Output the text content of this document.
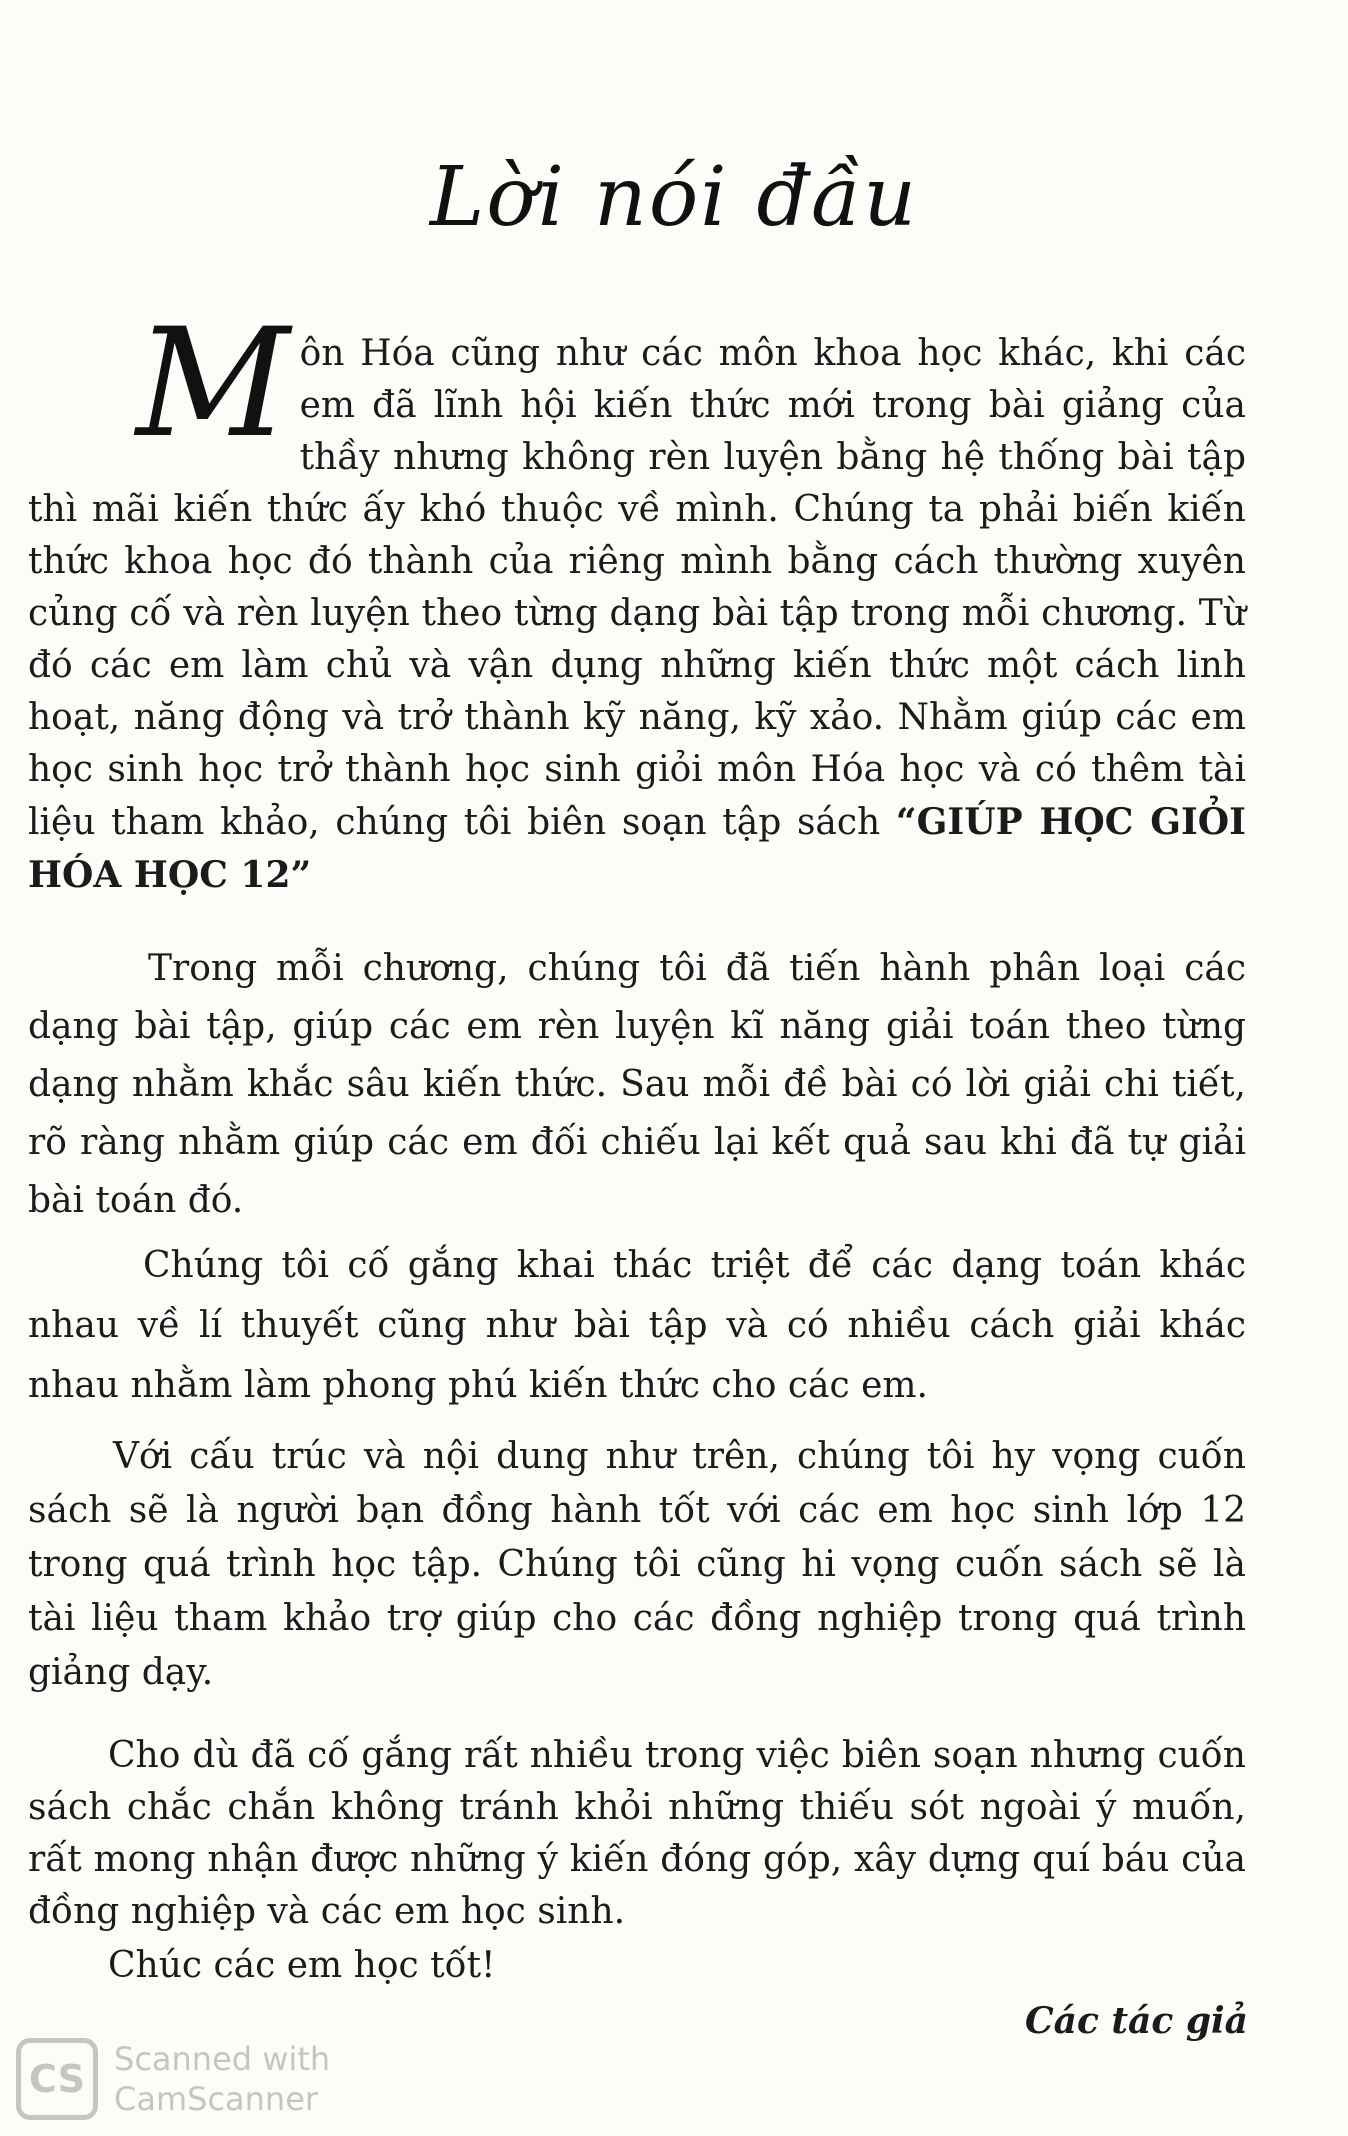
Lời nói đầu
M ôn Hóa cũng như các môn khoa học khác, khi các em đã lĩnh hội kiến thức mới trong bài giảng của thầy nhưng không rèn luyện bằng hệ thống bài tập thì mãi kiến thức ấy khó thuộc về mình. Chúng ta phải biến kiến thức khoa học đó thành của riêng mình bằng cách thường xuyên củng cố và rèn luyện theo từng dạng bài tập trong mỗi chương. Từ đó các em làm chủ và vận dụng những kiến thức một cách linh hoạt, năng động và trở thành kỹ năng, kỹ xảo. Nhằm giúp các em học sinh học trở thành học sinh giỏi môn Hóa học và có thêm tài liệu tham khảo, chúng tôi biên soạn tập sách “GIÚP HỌC GIỎI HÓA HỌC 12”

Trong mỗi chương, chúng tôi đã tiến hành phân loại các dạng bài tập, giúp các em rèn luyện kĩ năng giải toán theo từng dạng nhằm khắc sâu kiến thức. Sau mỗi đề bài có lời giải chi tiết, rõ ràng nhằm giúp các em đối chiếu lại kết quả sau khi đã tự giải bài toán đó.

Chúng tôi cố gắng khai thác triệt để các dạng toán khác nhau về lí thuyết cũng như bài tập và có nhiều cách giải khác nhau nhằm làm phong phú kiến thức cho các em.

Với cấu trúc và nội dung như trên, chúng tôi hy vọng cuốn sách sẽ là người bạn đồng hành tốt với các em học sinh lớp 12 trong quá trình học tập. Chúng tôi cũng hi vọng cuốn sách sẽ là tài liệu tham khảo trợ giúp cho các đồng nghiệp trong quá trình giảng dạy.

Cho dù đã cố gắng rất nhiều trong việc biên soạn nhưng cuốn sách chắc chắn không tránh khỏi những thiếu sót ngoài ý muốn, rất mong nhận được những ý kiến đóng góp, xây dựng quí báu của đồng nghiệp và các em học sinh.

Chúc các em học tốt!

Các tác giả
CS Scanned with
CamScanner
